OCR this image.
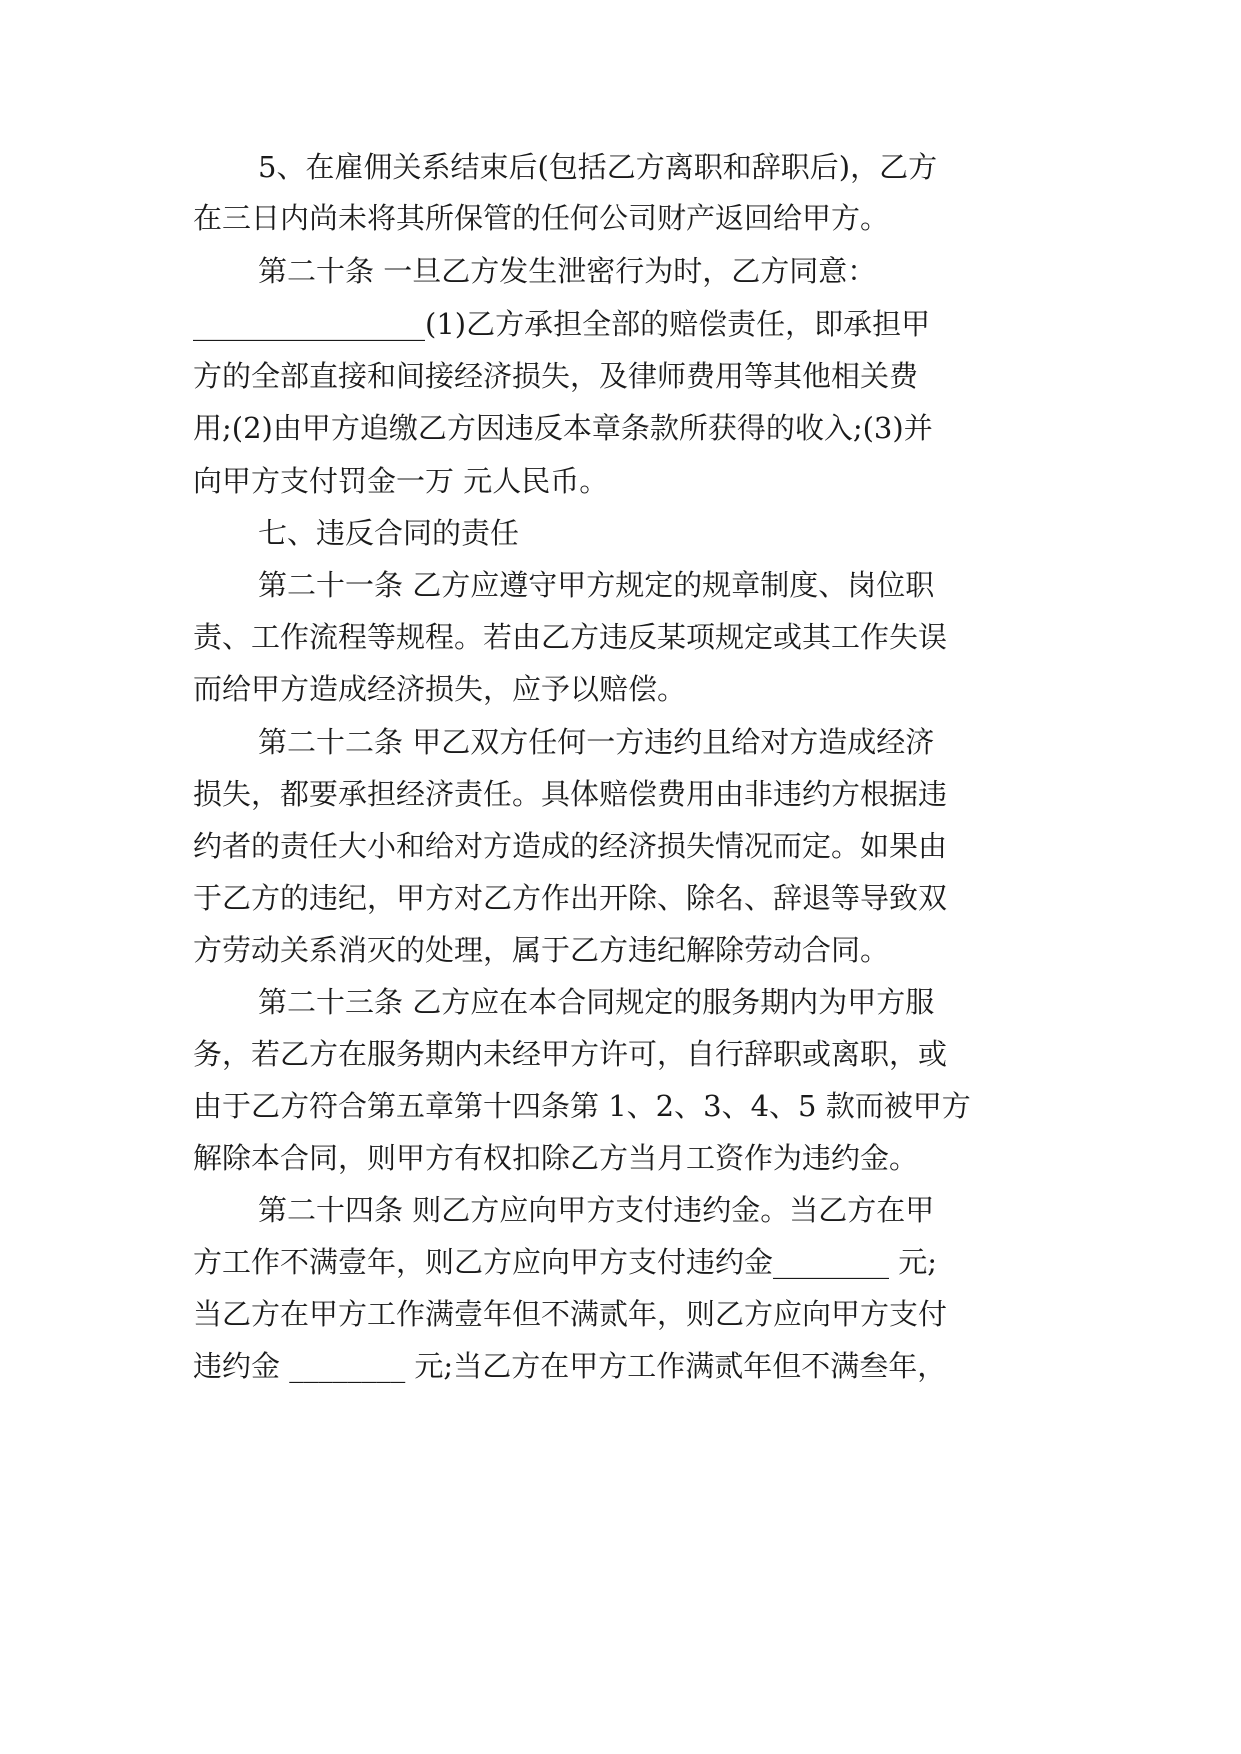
5、在雇佣关系结束后(包括乙方离职和辞职后)，乙方
在三日内尚未将其所保管的任何公司财产返回给甲方。
第二十条 一旦乙方发生泄密行为时，乙方同意：
________________(1)乙方承担全部的赔偿责任，即承担甲
方的全部直接和间接经济损失，及律师费用等其他相关费
用;(2)由甲方追缴乙方因违反本章条款所获得的收入;(3)并
向甲方支付罚金一万 元人民币。
七、违反合同的责任
第二十一条 乙方应遵守甲方规定的规章制度、岗位职
责、工作流程等规程。若由乙方违反某项规定或其工作失误
而给甲方造成经济损失，应予以赔偿。
第二十二条 甲乙双方任何一方违约且给对方造成经济
损失，都要承担经济责任。具体赔偿费用由非违约方根据违
约者的责任大小和给对方造成的经济损失情况而定。如果由
于乙方的违纪，甲方对乙方作出开除、除名、辞退等导致双
方劳动关系消灭的处理，属于乙方违纪解除劳动合同。
第二十三条 乙方应在本合同规定的服务期内为甲方服
务，若乙方在服务期内未经甲方许可，自行辞职或离职，或
由于乙方符合第五章第十四条第 1、2、3、4、5 款而被甲方
解除本合同，则甲方有权扣除乙方当月工资作为违约金。
第二十四条 则乙方应向甲方支付违约金。当乙方在甲
方工作不满壹年，则乙方应向甲方支付违约金________ 元;
当乙方在甲方工作满壹年但不满贰年，则乙方应向甲方支付
违约金 ________ 元;当乙方在甲方工作满贰年但不满叁年，
